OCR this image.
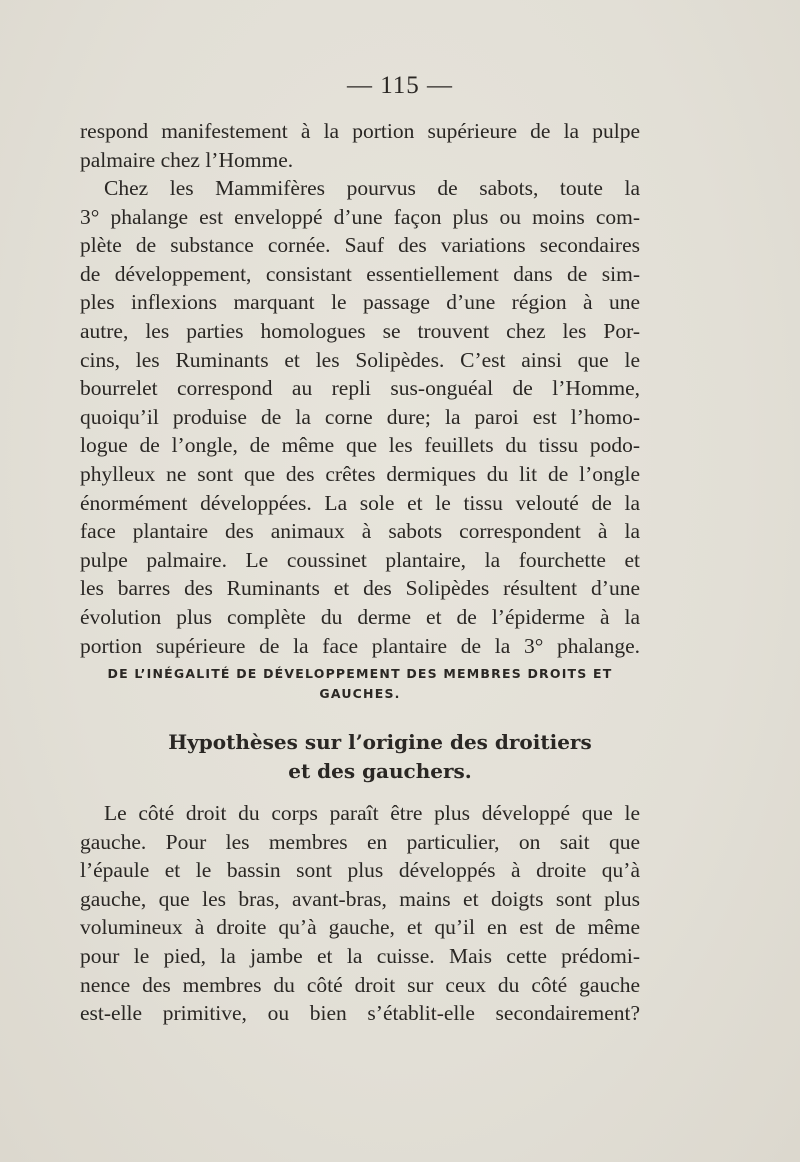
— 115 —

respond manifestement à la portion supérieure de la pulpe
palmaire chez l’Homme.

Chez les Mammifères pourvus de sabots, toute la
3° phalange est enveloppé d’une façon plus ou moins com-
plète de substance cornée. Sauf des variations secondaires
de développement, consistant essentiellement dans de sim-
ples inflexions marquant le passage d’une région à une
autre, les parties homologues se trouvent chez les Por-
cins, les Ruminants et les Solipèdes. C’est ainsi que le
bourrelet correspond au repli sus-onguéal de l’Homme,
quoiqu’il produise de la corne dure; la paroi est l’homo-
logue de l’ongle, de même que les feuillets du tissu podo-
phylleux ne sont que des crêtes dermiques du lit de l’ongle
énormément développées. La sole et le tissu velouté de la
face plantaire des animaux à sabots correspondent à la
pulpe palmaire. Le coussinet plantaire, la fourchette et
les barres des Ruminants et des Solipèdes résultent d’une
évolution plus complète du derme et de l’épiderme à la
portion supérieure de la face plantaire de la 3° phalange.

DE L’INÉGALITÉ DE DÉVELOPPEMENT DES MEMBRES DROITS ET
GAUCHES.
Hypothèses sur l’origine des droitiers
et des gauchers.

Le côté droit du corps paraît être plus développé que le
gauche. Pour les membres en particulier, on sait que
l’épaule et le bassin sont plus développés à droite qu’à
gauche, que les bras, avant-bras, mains et doigts sont plus
volumineux à droite qu’à gauche, et qu’il en est de même
pour le pied, la jambe et la cuisse. Mais cette prédomi-
nence des membres du côté droit sur ceux du côté gauche
est-elle primitive, ou bien s’établit-elle secondairement?
